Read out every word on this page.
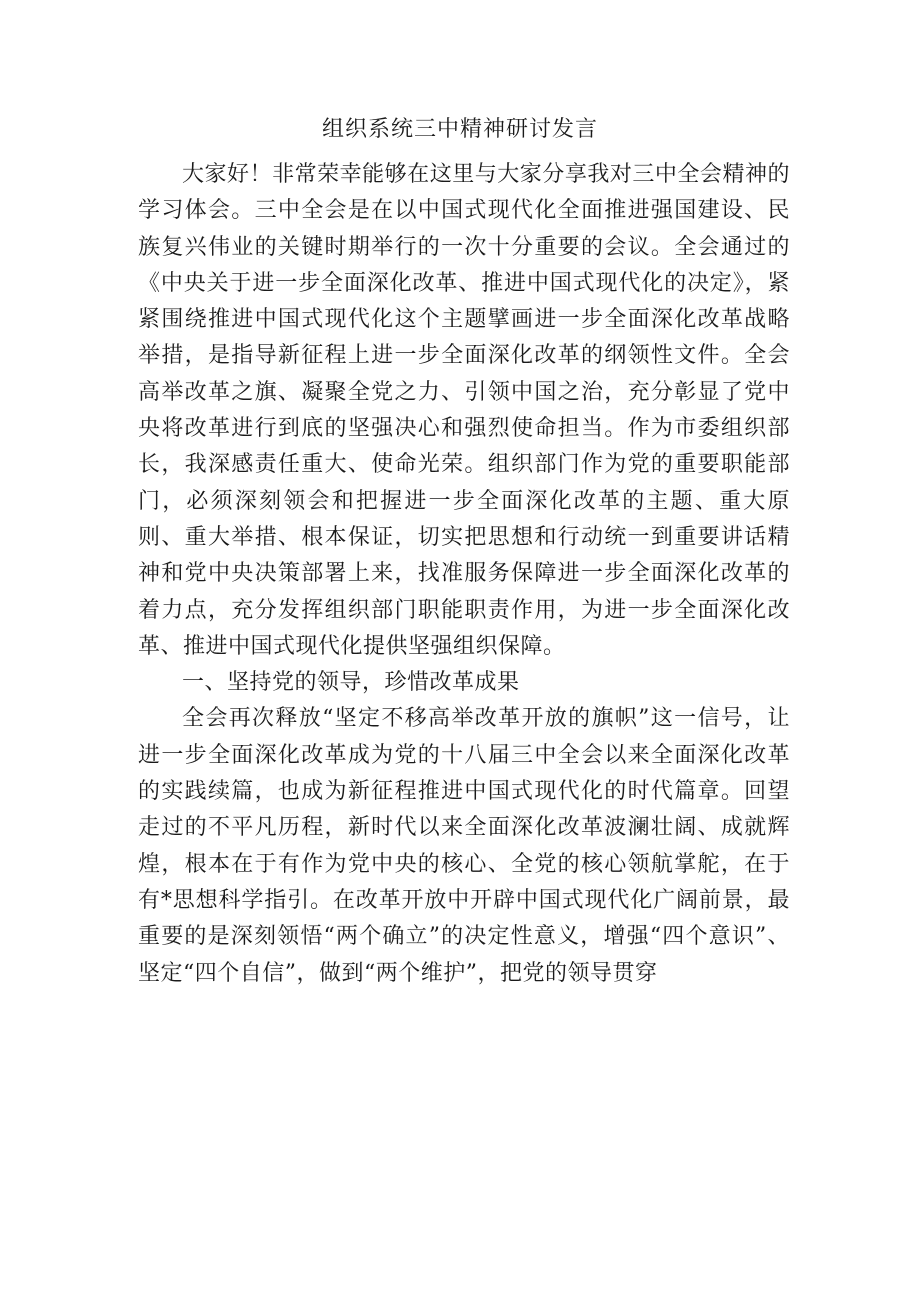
组织系统三中精神研讨发言

大家好！非常荣幸能够在这里与大家分享我对三中全会精神的学习体会。三中全会是在以中国式现代化全面推进强国建设、民族复兴伟业的关键时期举行的一次十分重要的会议。全会通过的《中央关于进一步全面深化改革、推进中国式现代化的决定》，紧紧围绕推进中国式现代化这个主题擘画进一步全面深化改革战略举措，是指导新征程上进一步全面深化改革的纲领性文件。全会高举改革之旗、凝聚全党之力、引领中国之治，充分彰显了党中央将改革进行到底的坚强决心和强烈使命担当。作为市委组织部长，我深感责任重大、使命光荣。组织部门作为党的重要职能部门，必须深刻领会和把握进一步全面深化改革的主题、重大原则、重大举措、根本保证，切实把思想和行动统一到重要讲话精神和党中央决策部署上来，找准服务保障进一步全面深化改革的着力点，充分发挥组织部门职能职责作用，为进一步全面深化改革、推进中国式现代化提供坚强组织保障。

一、坚持党的领导，珍惜改革成果

全会再次释放“坚定不移高举改革开放的旗帜”这一信号，让进一步全面深化改革成为党的十八届三中全会以来全面深化改革的实践续篇，也成为新征程推进中国式现代化的时代篇章。回望走过的不平凡历程，新时代以来全面深化改革波澜壮阔、成就辉煌，根本在于有作为党中央的核心、全党的核心领航掌舵，在于有*思想科学指引。在改革开放中开辟中国式现代化广阔前景，最重要的是深刻领悟“两个确立”的决定性意义，增强“四个意识”、坚定“四个自信”，做到“两个维护”，把党的领导贯穿
